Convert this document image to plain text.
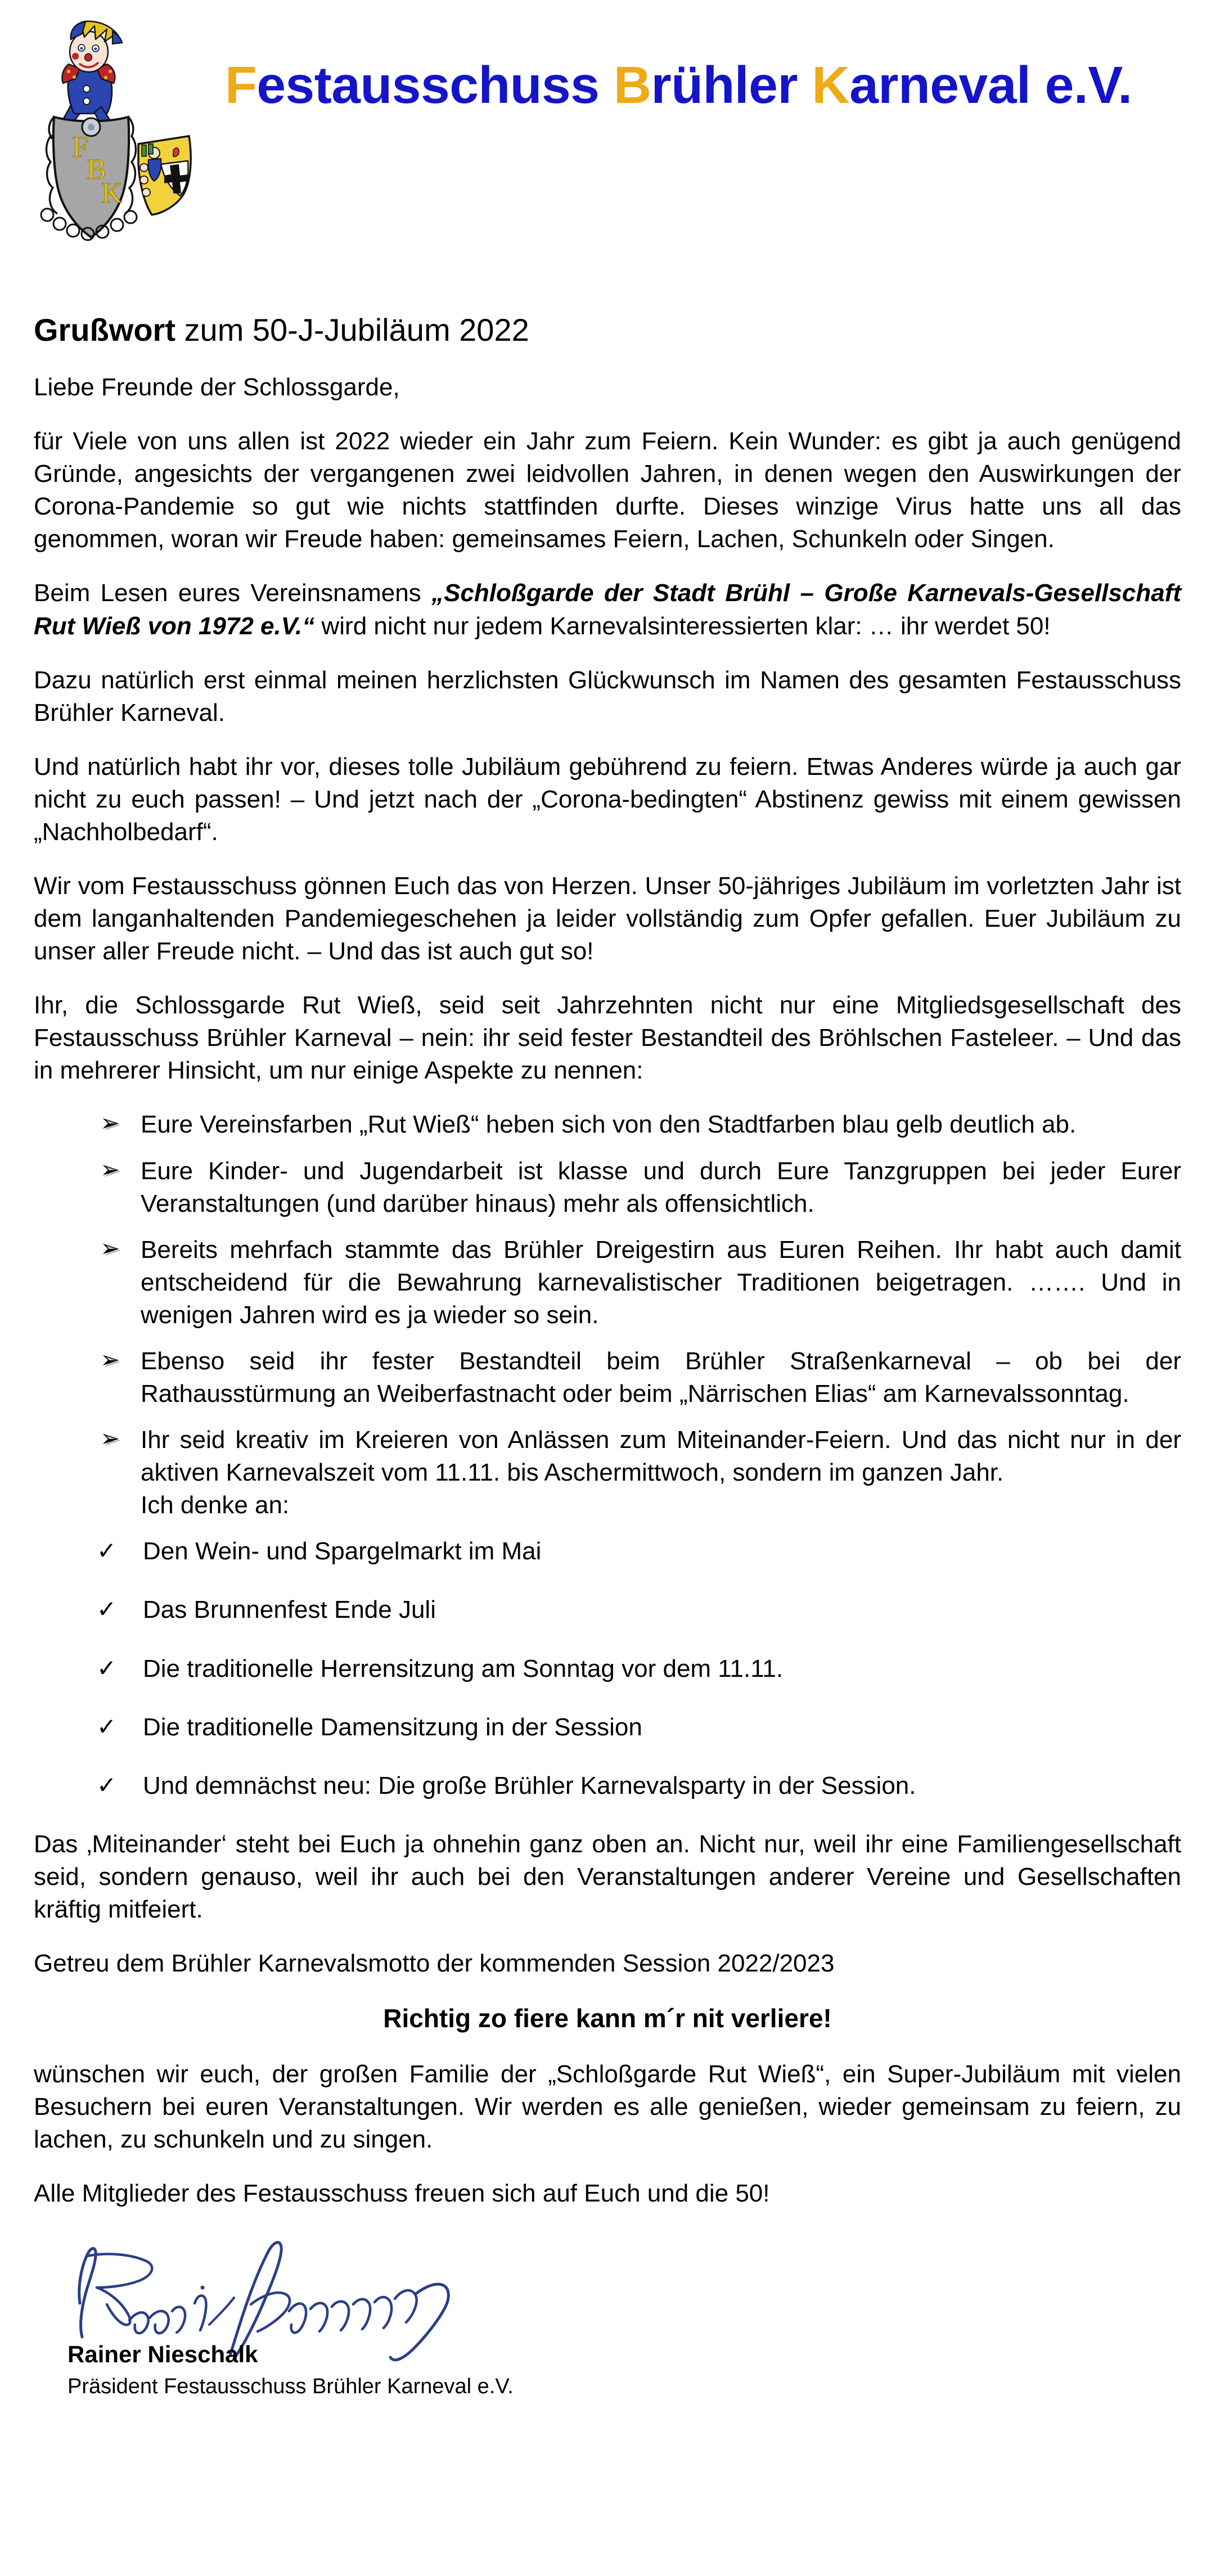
F
B
K
Festausschuss Brühler Karneval e.V.
Grußwort zum 50-J-Jubiläum 2022

Liebe Freunde der Schlossgarde,

für Viele von uns allen ist 2022 wieder ein Jahr zum Feiern. Kein Wunder: es gibt ja auch genügend Gründe, angesichts der vergangenen zwei leidvollen Jahren, in denen wegen den Auswirkungen der Corona-Pandemie so gut wie nichts stattfinden durfte. Dieses winzige Virus hatte uns all das genommen, woran wir Freude haben: gemeinsames Feiern, Lachen, Schunkeln oder Singen.

Beim Lesen eures Vereinsnamens „Schloßgarde der Stadt Brühl – Große Karnevals-Gesellschaft Rut Wieß von 1972 e.V.“ wird nicht nur jedem Karnevalsinteressierten klar: … ihr werdet 50!

Dazu natürlich erst einmal meinen herzlichsten Glückwunsch im Namen des gesamten Festausschuss Brühler Karneval.

Und natürlich habt ihr vor, dieses tolle Jubiläum gebührend zu feiern. Etwas Anderes würde ja auch gar nicht zu euch passen! – Und jetzt nach der „Corona-bedingten“ Abstinenz gewiss mit einem gewissen „Nachholbedarf“.

Wir vom Festausschuss gönnen Euch das von Herzen. Unser 50-jähriges Jubiläum im vorletzten Jahr ist dem langanhaltenden Pandemiegeschehen ja leider vollständig zum Opfer gefallen. Euer Jubiläum zu unser aller Freude nicht. – Und das ist auch gut so!

Ihr, die Schlossgarde Rut Wieß, seid seit Jahrzehnten nicht nur eine Mitgliedsgesellschaft des Festausschuss Brühler Karneval – nein: ihr seid fester Bestandteil des Bröhlschen Fasteleer. – Und das in mehrerer Hinsicht, um nur einige Aspekte zu nennen:

➢ Eure Vereinsfarben „Rut Wieß“ heben sich von den Stadtfarben blau gelb deutlich ab.
➢ Eure Kinder- und Jugendarbeit ist klasse und durch Eure Tanzgruppen bei jeder Eurer Veranstaltungen (und darüber hinaus) mehr als offensichtlich.
➢ Bereits mehrfach stammte das Brühler Dreigestirn aus Euren Reihen. Ihr habt auch damit entscheidend für die Bewahrung karnevalistischer Traditionen beigetragen. ……. Und in wenigen Jahren wird es ja wieder so sein.
➢ Ebenso seid ihr fester Bestandteil beim Brühler Straßenkarneval – ob bei der Rathausstürmung an Weiberfastnacht oder beim „Närrischen Elias“ am Karnevalssonntag.
➢ Ihr seid kreativ im Kreieren von Anlässen zum Miteinander-Feiern. Und das nicht nur in der aktiven Karnevalszeit vom 11.11. bis Aschermittwoch, sondern im ganzen Jahr.
Ich denke an:
✓ Den Wein- und Spargelmarkt im Mai
✓ Das Brunnenfest Ende Juli
✓ Die traditionelle Herrensitzung am Sonntag vor dem 11.11.
✓ Die traditionelle Damensitzung in der Session
✓ Und demnächst neu: Die große Brühler Karnevalsparty in der Session.

Das ‚Miteinander‘ steht bei Euch ja ohnehin ganz oben an. Nicht nur, weil ihr eine Familiengesellschaft seid, sondern genauso, weil ihr auch bei den Veranstaltungen anderer Vereine und Gesellschaften kräftig mitfeiert.

Getreu dem Brühler Karnevalsmotto der kommenden Session 2022/2023

Richtig zo fiere kann m´r nit verliere!

wünschen wir euch, der großen Familie der „Schloßgarde Rut Wieß“, ein Super-Jubiläum mit vielen Besuchern bei euren Veranstaltungen. Wir werden es alle genießen, wieder gemeinsam zu feiern, zu lachen, zu schunkeln und zu singen.

Alle Mitglieder des Festausschuss freuen sich auf Euch und die 50!

Rainer Nieschalk
Präsident Festausschuss Brühler Karneval e.V.
